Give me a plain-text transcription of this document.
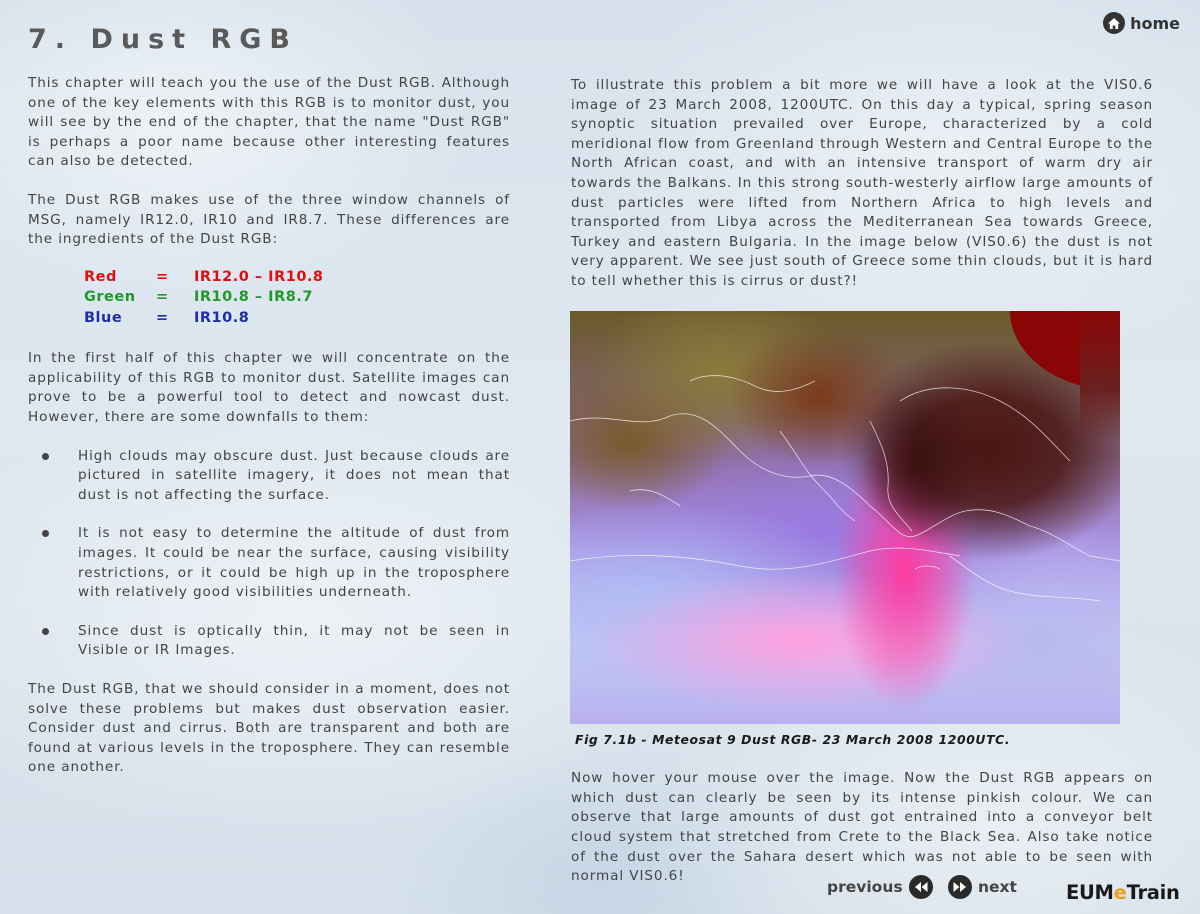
7. Dust RGB
home

This chapter will teach you the use of the Dust RGB. Although one of the key elements with this RGB is to monitor dust, you will see by the end of the chapter, that the name "Dust RGB" is perhaps a poor name because other interesting features can also be detected.

The Dust RGB makes use of the three window channels of MSG, namely IR12.0, IR10 and IR8.7. These differences are the ingredients of the Dust RGB:

Red	=	IR12.0 – IR10.8
Green	=	IR10.8 – IR8.7
Blue	=	IR10.8

In the first half of this chapter we will concentrate on the applicability of this RGB to monitor dust. Satellite images can prove to be a powerful tool to detect and nowcast dust. However, there are some downfalls to them:

High clouds may obscure dust. Just because clouds are pictured in satellite imagery, it does not mean that dust is not affecting the surface.
It is not easy to determine the altitude of dust from images. It could be near the surface, causing visibility restrictions, or it could be high up in the troposphere with relatively good visibilities underneath.
Since dust is optically thin, it may not be seen in Visible or IR Images.

The Dust RGB, that we should consider in a moment, does not solve these problems but makes dust observation easier. Consider dust and cirrus. Both are transparent and both are found at various levels in the troposphere. They can resemble one another.

To illustrate this problem a bit more we will have a look at the VIS0.6 image of 23 March 2008, 1200UTC. On this day a typical, spring season synoptic situation prevailed over Europe, characterized by a cold meridional flow from Greenland through Western and Central Europe to the North African coast, and with an intensive transport of warm dry air towards the Balkans. In this strong south-westerly airflow large amounts of dust particles were lifted from Northern Africa to high levels and transported from Libya across the Mediterranean Sea towards Greece, Turkey and eastern Bulgaria. In the image below (VIS0.6) the dust is not very apparent. We see just south of Greece some thin clouds, but it is hard to tell whether this is cirrus or dust?!

Fig 7.1b - Meteosat 9 Dust RGB- 23 March 2008 1200UTC.

Now hover your mouse over the image. Now the Dust RGB appears on which dust can clearly be seen by its intense pinkish colour. We can observe that large amounts of dust got entrained into a conveyor belt cloud system that stretched from Crete to the Black Sea. Also take notice of the dust over the Sahara desert which was not able to be seen with normal VIS0.6!

previous	next	EUMeTrain
